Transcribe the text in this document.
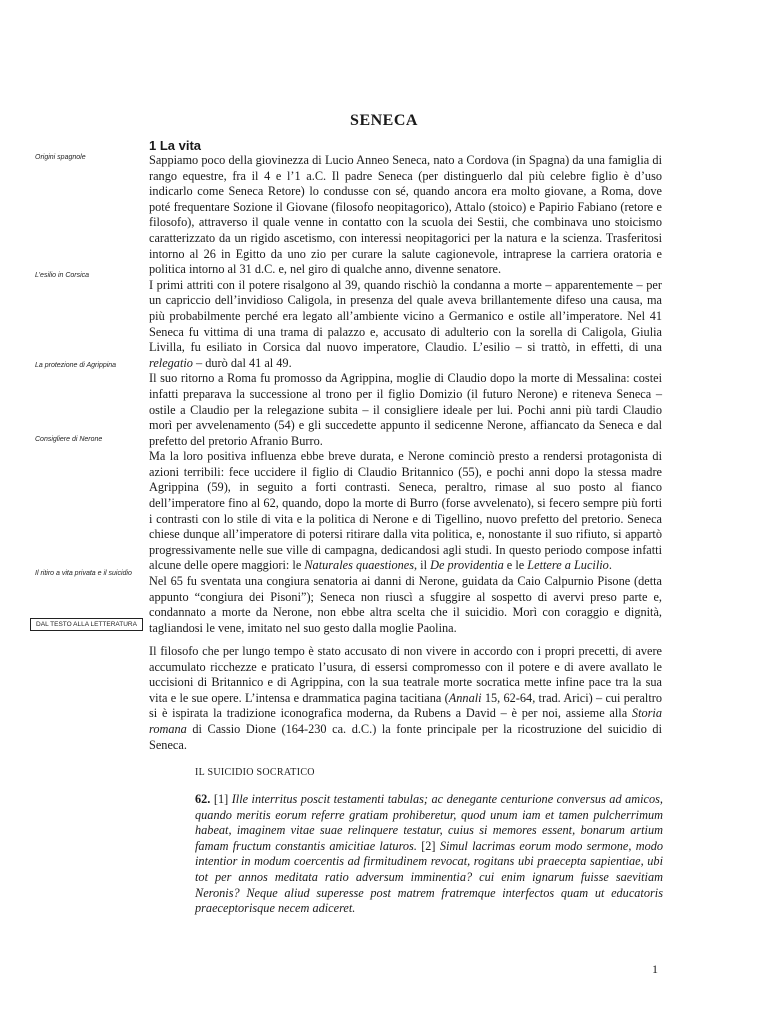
SENECA
1 La vita
Origini spagnole
L’esilio in Corsica
La protezione di Agrippina
Consigliere di Nerone
Il ritiro a vita privata e il suicidio
DAL TESTO ALLA LETTERATURA

Sappiamo poco della giovinezza di Lucio Anneo Seneca, nato a Cordova (in Spagna) da una famiglia di rango equestre, fra il 4 e l’1 a.C. Il padre Seneca (per distinguerlo dal più celebre figlio è d’uso indicarlo come Seneca Retore) lo condusse con sé, quando ancora era molto giovane, a Roma, dove poté frequentare Sozione il Giovane (filosofo neopitagorico), Attalo (stoico) e Papirio Fabiano (retore e filosofo), attraverso il quale venne in contatto con la scuola dei Sestii, che combinava uno stoicismo caratterizzato da un rigido ascetismo, con interessi neopitagorici per la natura e la scienza. Trasferitosi intorno al 26 in Egitto da uno zio per curare la salute cagionevole, intraprese la carriera oratoria e politica intorno al 31 d.C. e, nel giro di qualche anno, divenne senatore.

I primi attriti con il potere risalgono al 39, quando rischiò la condanna a morte – apparentemente – per un capriccio dell’invidioso Caligola, in presenza del quale aveva brillantemente difeso una causa, ma più probabilmente perché era legato all’ambiente vicino a Germanico e ostile all’imperatore. Nel 41 Seneca fu vittima di una trama di palazzo e, accusato di adulterio con la sorella di Caligola, Giulia Livilla, fu esiliato in Corsica dal nuovo imperatore, Claudio. L’esilio – si trattò, in effetti, di una relegatio – durò dal 41 al 49.

Il suo ritorno a Roma fu promosso da Agrippina, moglie di Claudio dopo la morte di Messalina: costei infatti preparava la successione al trono per il figlio Domizio (il futuro Nerone) e riteneva Seneca – ostile a Claudio per la relegazione subita – il consigliere ideale per lui. Pochi anni più tardi Claudio morì per avvelenamento (54) e gli succedette appunto il sedicenne Nerone, affiancato da Seneca e dal prefetto del pretorio Afranio Burro.

Ma la loro positiva influenza ebbe breve durata, e Nerone cominciò presto a rendersi protagonista di azioni terribili: fece uccidere il figlio di Claudio Britannico (55), e pochi anni dopo la stessa madre Agrippina (59), in seguito a forti contrasti. Seneca, peraltro, rimase al suo posto al fianco dell’imperatore fino al 62, quando, dopo la morte di Burro (forse avvelenato), si fecero sempre più forti i contrasti con lo stile di vita e la politica di Nerone e di Tigellino, nuovo prefetto del pretorio. Seneca chiese dunque all’imperatore di potersi ritirare dalla vita politica, e, nonostante il suo rifiuto, si appartò progressivamente nelle sue ville di campagna, dedicandosi agli studi. In questo periodo compose infatti alcune delle opere maggiori: le Naturales quaestiones, il De providentia e le Lettere a Lucilio.

Nel 65 fu sventata una congiura senatoria ai danni di Nerone, guidata da Caio Calpurnio Pisone (detta appunto “congiura dei Pisoni”); Seneca non riuscì a sfuggire al sospetto di avervi preso parte e, condannato a morte da Nerone, non ebbe altra scelta che il suicidio. Morì con coraggio e dignità, tagliandosi le vene, imitato nel suo gesto dalla moglie Paolina.

Il filosofo che per lungo tempo è stato accusato di non vivere in accordo con i propri precetti, di avere accumulato ricchezze e praticato l’usura, di essersi compromesso con il potere e di avere avallato le uccisioni di Britannico e di Agrippina, con la sua teatrale morte socratica mette infine pace tra la sua vita e le sue opere. L’intensa e drammatica pagina tacitiana (Annali 15, 62-64, trad. Arici) – cui peraltro si è ispirata la tradizione iconografica moderna, da Rubens a David – è per noi, assieme alla Storia romana di Cassio Dione (164-230 ca. d.C.) la fonte principale per la ricostruzione del suicidio di Seneca.

IL SUICIDIO SOCRATICO
62. [1] Ille interritus poscit testamenti tabulas; ac denegante centurione conversus ad amicos, quando meritis eorum referre gratiam prohiberetur, quod unum iam et tamen pulcherrimum habeat, imaginem vitae suae relinquere testatur, cuius si memores essent, bonarum artium famam fructum constantis amicitiae laturos. [2] Simul lacrimas eorum modo sermone, modo intentior in modum coercentis ad firmitudinem revocat, rogitans ubi praecepta sapientiae, ubi tot per annos meditata ratio adversum imminentia? cui enim ignarum fuisse saevitiam Neronis? Neque aliud superesse post matrem fratremque interfectos quam ut educatoris praeceptorisque necem adiceret.
1
